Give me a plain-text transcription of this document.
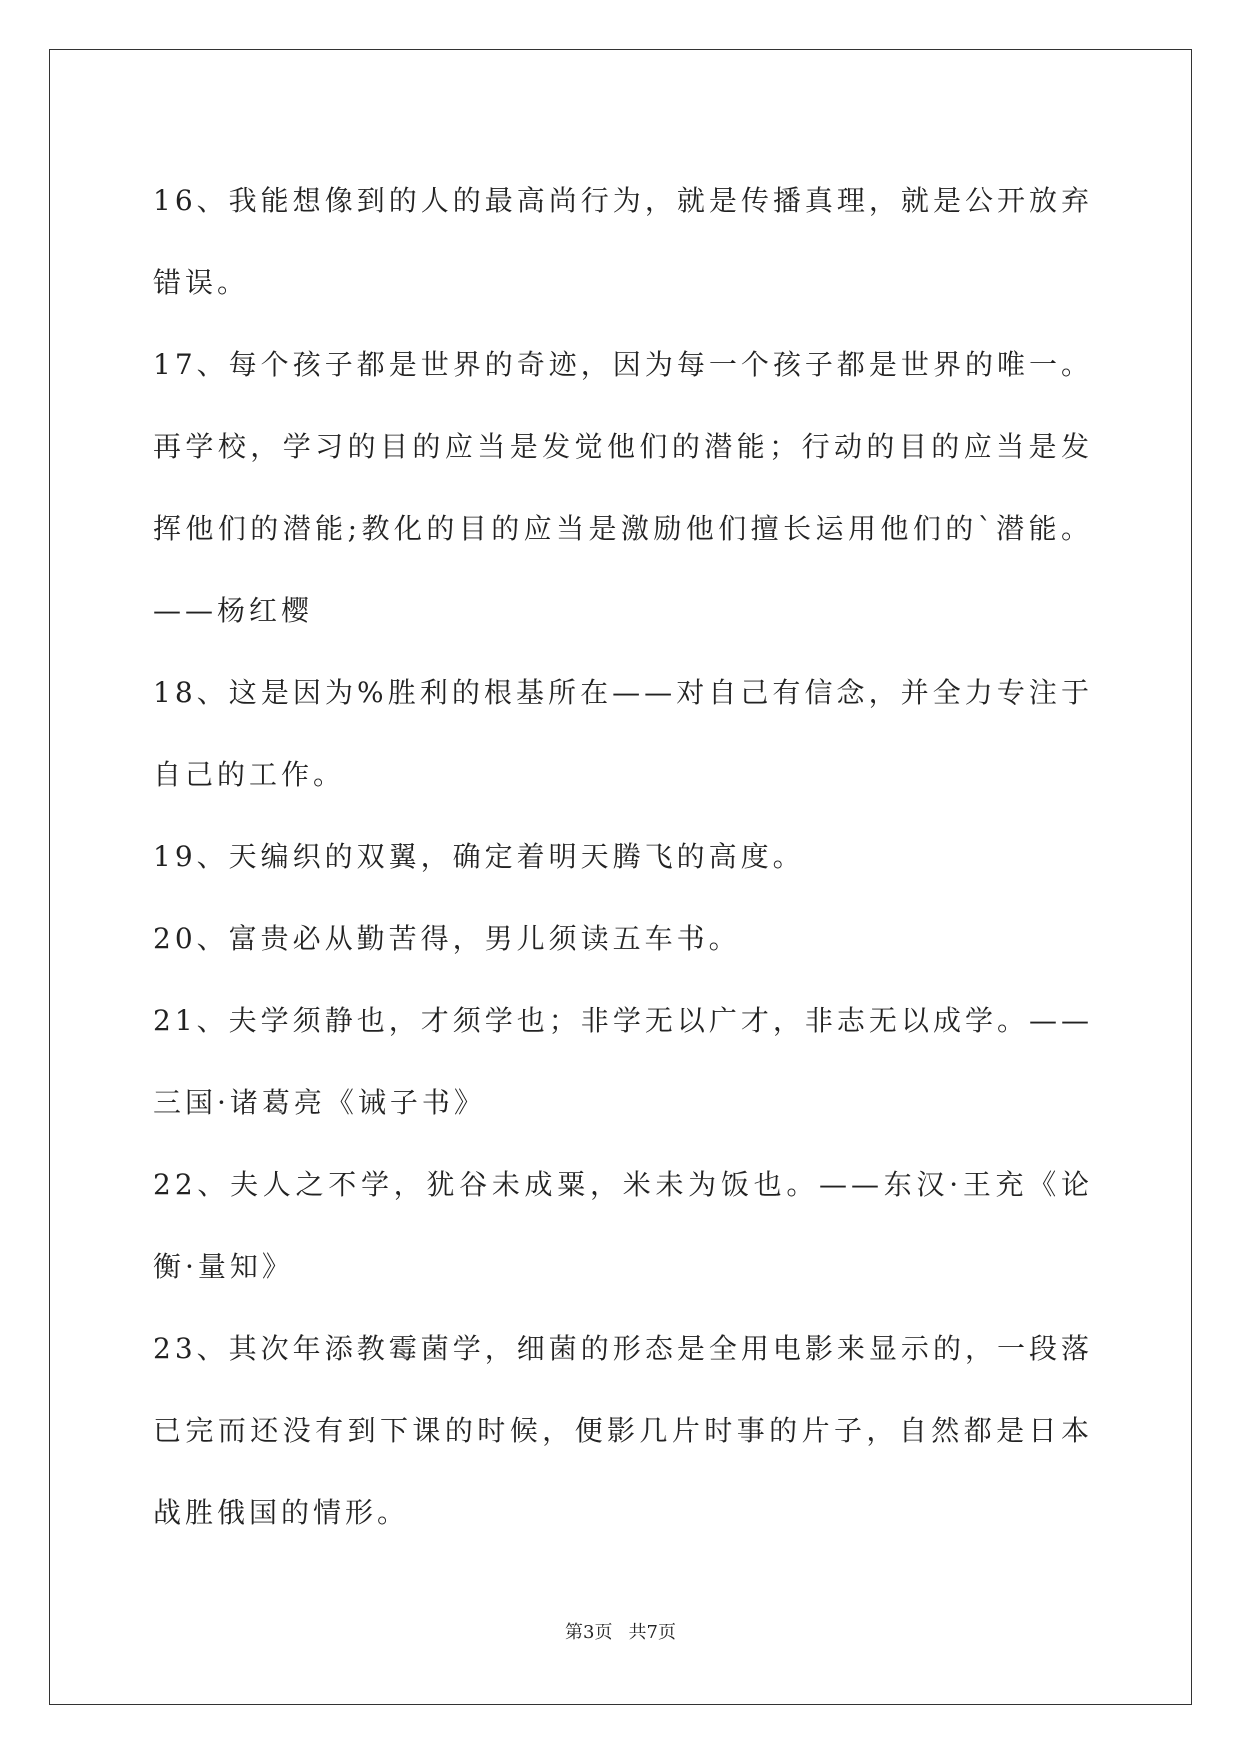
16、我能想像到的人的最高尚行为，就是传播真理，就是公开放弃错误。

17、每个孩子都是世界的奇迹，因为每一个孩子都是世界的唯一。再学校，学习的目的应当是发觉他们的潜能；行动的目的应当是发挥他们的潜能;教化的目的应当是激励他们擅长运用他们的`潜能。——杨红樱

18、这是因为%胜利的根基所在——对自己有信念，并全力专注于自己的工作。

19、天编织的双翼，确定着明天腾飞的高度。

20、富贵必从勤苦得，男儿须读五车书。

21、夫学须静也，才须学也；非学无以广才，非志无以成学。——三国·诸葛亮《诫子书》

22、夫人之不学，犹谷未成粟，米未为饭也。——东汉·王充《论衡·量知》

23、其次年添教霉菌学，细菌的形态是全用电影来显示的，一段落已完而还没有到下课的时候，便影几片时事的片子，自然都是日本战胜俄国的情形。

第3页 共7页
